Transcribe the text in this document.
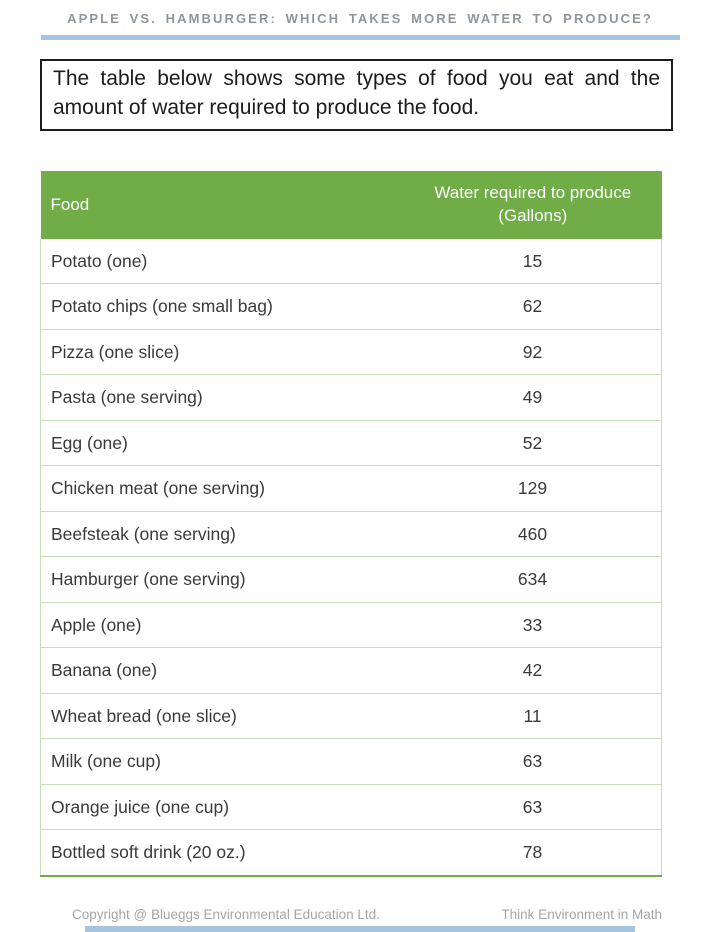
APPLE VS. HAMBURGER: WHICH TAKES MORE WATER TO PRODUCE?

The table below shows some types of food you eat and the amount of water required to produce the food.

Food	Water required to produce
(Gallons)
Potato (one)	15
Potato chips (one small bag)	62
Pizza (one slice)	92
Pasta (one serving)	49
Egg (one)	52
Chicken meat (one serving)	129
Beefsteak (one serving)	460
Hamburger (one serving)	634
Apple (one)	33
Banana (one)	42
Wheat bread (one slice)	11
Milk (one cup)	63
Orange juice (one cup)	63
Bottled soft drink (20 oz.)	78
Copyright @ Blueggs Environmental Education Ltd.	Think Environment in Math
